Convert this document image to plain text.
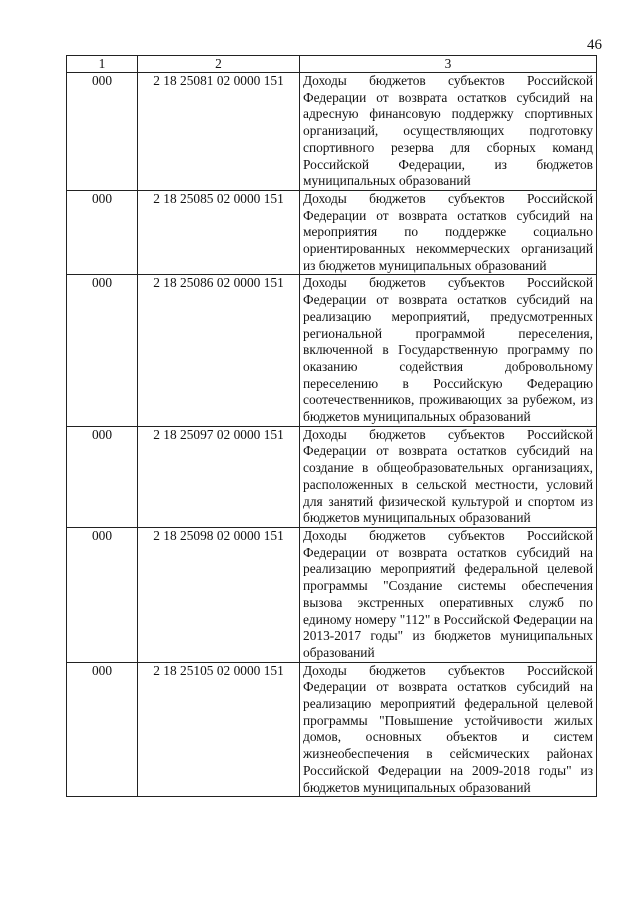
46
1	2	3
000	2 18 25081 02 0000 151	Доходы бюджетов субъектов Российской Федерации от возврата остатков субсидий на адресную финансовую поддержку спортивных организаций, осуществляющих подготовку спортивного резерва для сборных команд Российской Федерации, из бюджетов муниципальных образований
000	2 18 25085 02 0000 151	Доходы бюджетов субъектов Российской Федерации от возврата остатков субсидий на мероприятия по поддержке социально ориентированных некоммерческих организаций из бюджетов муниципальных образований
000	2 18 25086 02 0000 151	Доходы бюджетов субъектов Российской Федерации от возврата остатков субсидий на реализацию мероприятий, предусмотренных региональной программой переселения, включенной в Государственную программу по оказанию содействия добровольному переселению в Российскую Федерацию соотечественников, проживающих за рубежом, из бюджетов муниципальных образований
000	2 18 25097 02 0000 151	Доходы бюджетов субъектов Российской Федерации от возврата остатков субсидий на создание в общеобразовательных организациях, расположенных в сельской местности, условий для занятий физической культурой и спортом из бюджетов муниципальных образований
000	2 18 25098 02 0000 151	Доходы бюджетов субъектов Российской Федерации от возврата остатков субсидий на реализацию мероприятий федеральной целевой программы "Создание системы обеспечения вызова экстренных оперативных служб по единому номеру "112" в Российской Федерации на 2013-2017 годы" из бюджетов муниципальных образований
000	2 18 25105 02 0000 151	Доходы бюджетов субъектов Российской Федерации от возврата остатков субсидий на реализацию мероприятий федеральной целевой программы "Повышение устойчивости жилых домов, основных объектов и систем жизнеобеспечения в сейсмических районах Российской Федерации на 2009-2018 годы" из бюджетов муниципальных образований
